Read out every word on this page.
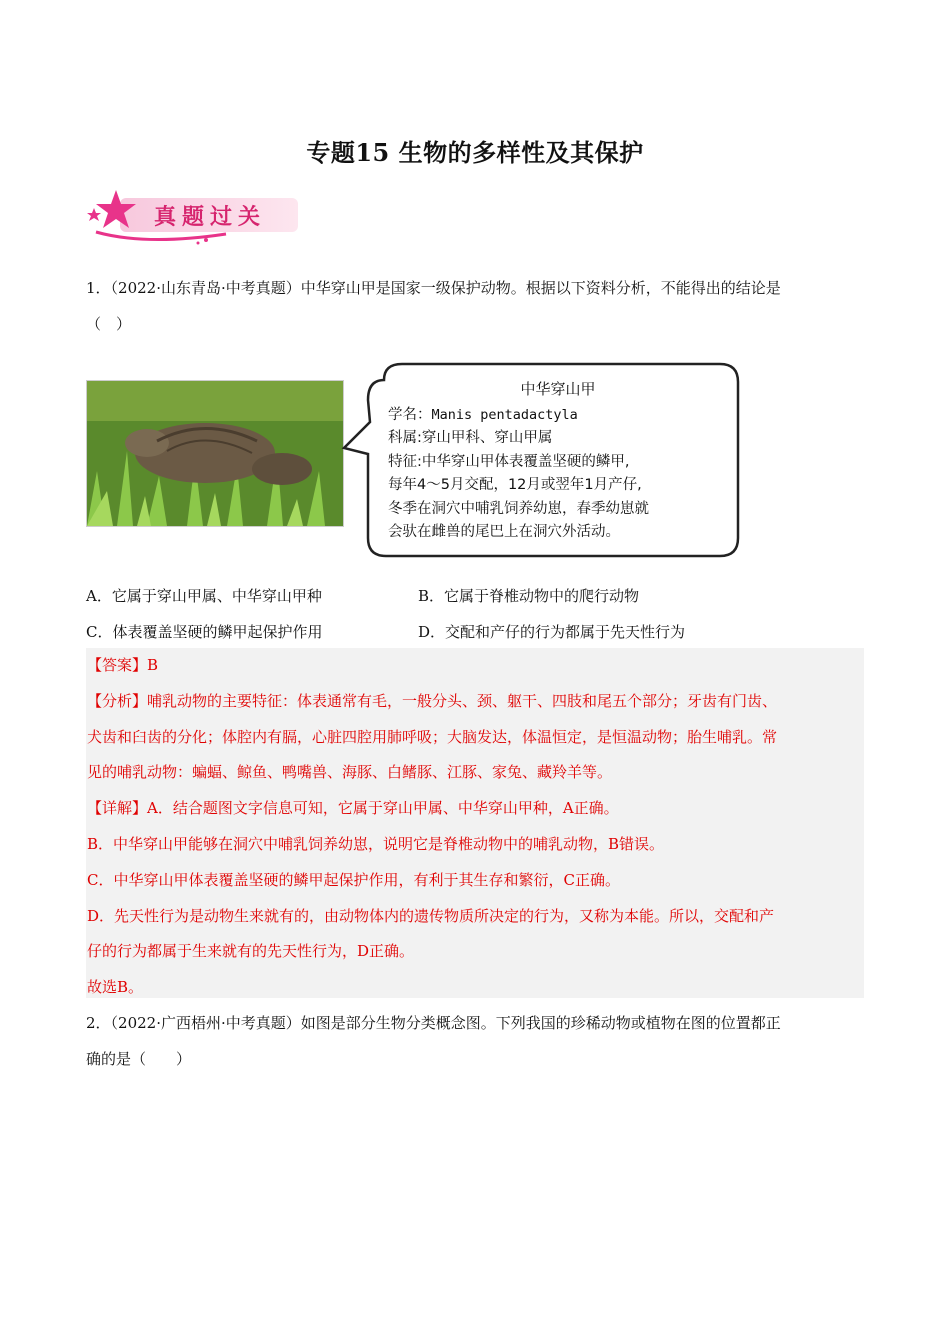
专题15 生物的多样性及其保护
真题过关
1．（2022·山东青岛·中考真题）中华穿山甲是国家一级保护动物。根据以下资料分析，不能得出的结论是
（　）
中华穿山甲
学名：Manis pentadactyla
科属:穿山甲科、穿山甲属
特征:中华穿山甲体表覆盖坚硬的鳞甲,
每年4～5月交配，12月或翌年1月产仔,
冬季在洞穴中哺乳饲养幼崽，春季幼崽就
会驮在雌兽的尾巴上在洞穴外活动。
A．它属于穿山甲属、中华穿山甲种	B．它属于脊椎动物中的爬行动物
C．体表覆盖坚硬的鳞甲起保护作用	D．交配和产仔的行为都属于先天性行为
【答案】B
【分析】哺乳动物的主要特征：体表通常有毛，一般分头、颈、躯干、四肢和尾五个部分；牙齿有门齿、
犬齿和臼齿的分化；体腔内有膈，心脏四腔用肺呼吸；大脑发达，体温恒定，是恒温动物；胎生哺乳。常
见的哺乳动物：蝙蝠、鲸鱼、鸭嘴兽、海豚、白鳍豚、江豚、家兔、藏羚羊等。
【详解】A．结合题图文字信息可知，它属于穿山甲属、中华穿山甲种，A正确。
B．中华穿山甲能够在洞穴中哺乳饲养幼崽，说明它是脊椎动物中的哺乳动物，B错误。
C．中华穿山甲体表覆盖坚硬的鳞甲起保护作用，有利于其生存和繁衍，C正确。
D．先天性行为是动物生来就有的，由动物体内的遗传物质所决定的行为，又称为本能。所以，交配和产
仔的行为都属于生来就有的先天性行为，D正确。
故选B。
2．（2022·广西梧州·中考真题）如图是部分生物分类概念图。下列我国的珍稀动物或植物在图的位置都正
确的是（　　）
